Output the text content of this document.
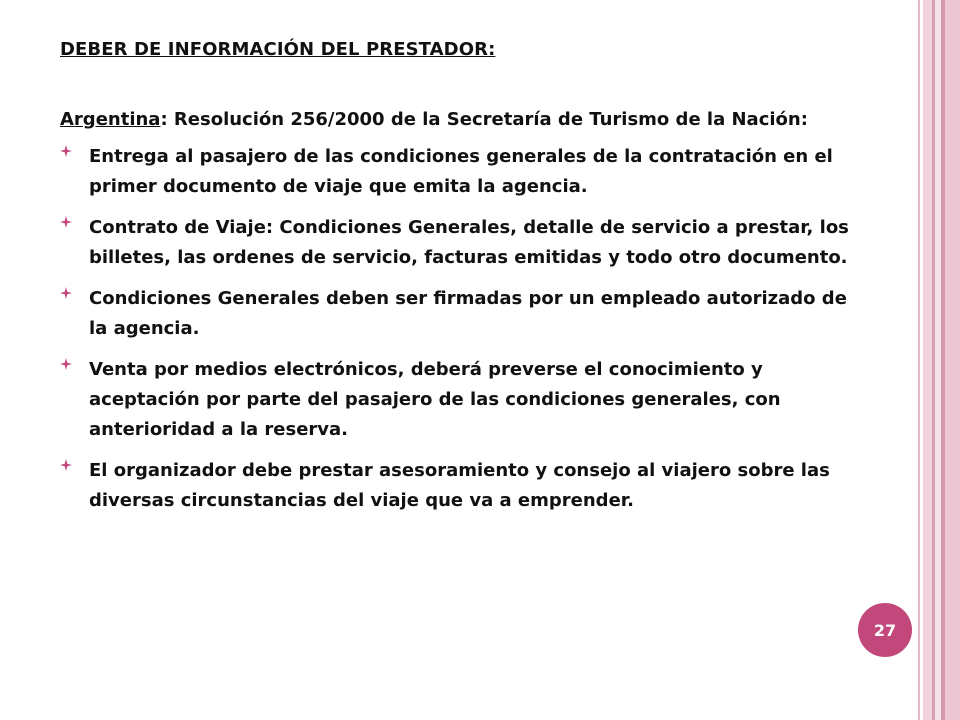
DEBER DE INFORMACIÓN DEL PRESTADOR:
Argentina: Resolución 256/2000 de la Secretaría de Turismo de la Nación:
Entrega al pasajero de las condiciones generales de la contratación en el primer documento de viaje que emita la agencia.
Contrato de Viaje: Condiciones Generales, detalle de servicio a prestar, los billetes, las ordenes de servicio, facturas emitidas y todo otro documento.
Condiciones Generales deben ser firmadas por un empleado autorizado de la agencia.
Venta por medios electrónicos, deberá preverse el conocimiento y aceptación por parte del pasajero de las condiciones generales, con anterioridad a la reserva.
El organizador debe prestar asesoramiento y consejo al viajero sobre las diversas circunstancias del viaje que va a emprender.
27
